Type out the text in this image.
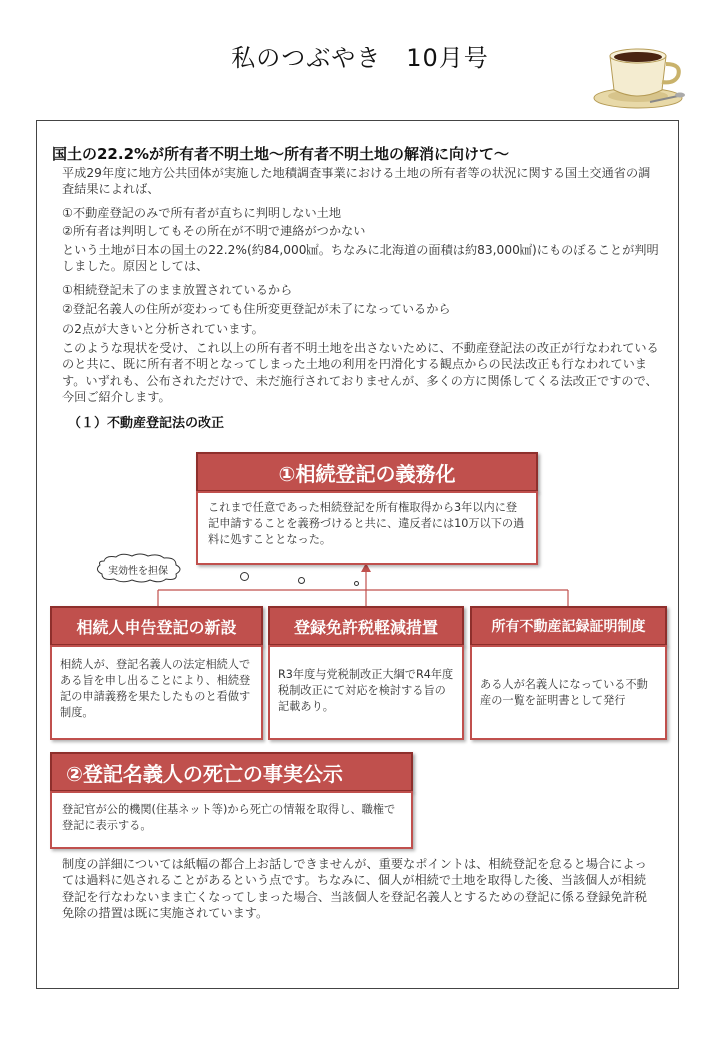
私のつぶやき　10月号
国土の22.2%が所有者不明土地～所有者不明土地の解消に向けて～
平成29年度に地方公共団体が実施した地積調査事業における土地の所有者等の状況に関する国土交通省の調査結果によれば、
①不動産登記のみで所有者が直ちに判明しない土地
②所有者は判明してもその所在が不明で連絡がつかない
という土地が日本の国土の22.2%(約84,000㎢。ちなみに北海道の面積は約83,000㎢)にものぼることが判明しました。原因としては、
①相続登記未了のまま放置されているから
②登記名義人の住所が変わっても住所変更登記が未了になっているから
の2点が大きいと分析されています。
このような現状を受け、これ以上の所有者不明土地を出さないために、不動産登記法の改正が行なわれているのと共に、既に所有者不明となってしまった土地の利用を円滑化する観点からの民法改正も行なわれています。いずれも、公布されただけで、未だ施行されておりませんが、多くの方に関係してくる法改正ですので、今回ご紹介します。
（１）不動産登記法の改正
①相続登記の義務化
これまで任意であった相続登記を所有権取得から3年以内に登記申請することを義務づけると共に、違反者には10万以下の過料に処すこととなった。
実効性を担保
相続人申告登記の新設
相続人が、登記名義人の法定相続人である旨を申し出ることにより、相続登記の申請義務を果たしたものと看做す制度。
登録免許税軽減措置
R3年度与党税制改正大綱でR4年度税制改正にて対応を検討する旨の記載あり。
所有不動産記録証明制度
ある人が名義人になっている不動産の一覧を証明書として発行
②登記名義人の死亡の事実公示
登記官が公的機関(住基ネット等)から死亡の情報を取得し、職権で登記に表示する。
制度の詳細については紙幅の都合上お話しできませんが、重要なポイントは、相続登記を怠ると場合によっては過料に処されることがあるという点です。ちなみに、個人が相続で土地を取得した後、当該個人が相続登記を行なわないまま亡くなってしまった場合、当該個人を登記名義人とするための登記に係る登録免許税免除の措置は既に実施されています。
